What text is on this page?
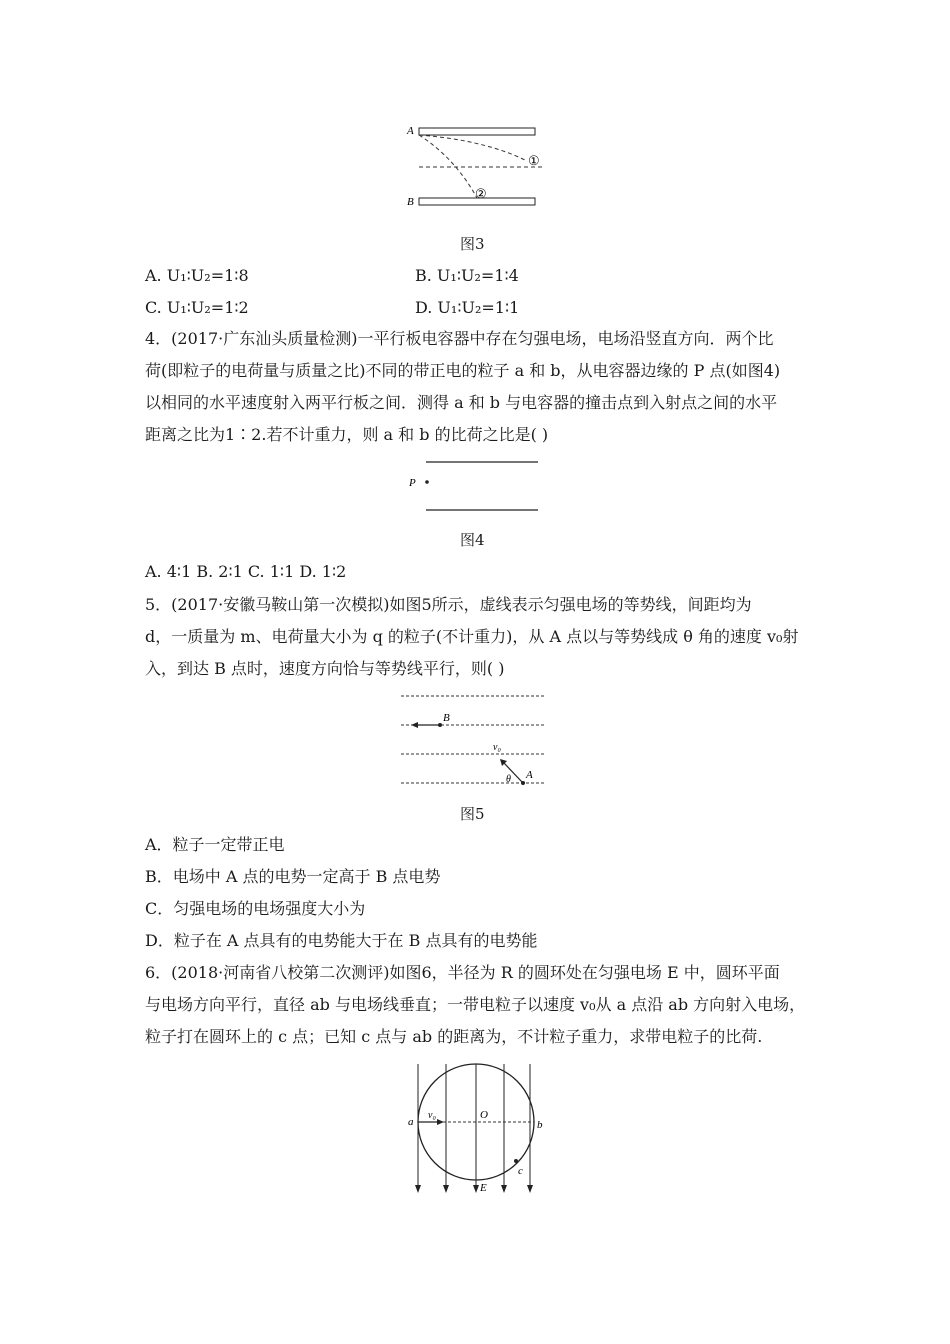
A
B
①
②
图3
A. U₁∶U₂=1∶8	B. U₁∶U₂=1∶4
C. U₁∶U₂=1∶2	D. U₁∶U₂=1∶1
4．(2017·广东汕头质量检测)一平行板电容器中存在匀强电场，电场沿竖直方向．两个比
荷(即粒子的电荷量与质量之比)不同的带正电的粒子 a 和 b，从电容器边缘的 P 点(如图4)
以相同的水平速度射入两平行板之间．测得 a 和 b 与电容器的撞击点到入射点之间的水平
距离之比为1∶2.若不计重力，则 a 和 b 的比荷之比是( )
P
图4
A. 4∶1 B. 2∶1 C. 1∶1 D. 1∶2
5．(2017·安徽马鞍山第一次模拟)如图5所示，虚线表示匀强电场的等势线，间距均为
d，一质量为 m、电荷量大小为 q 的粒子(不计重力)，从 A 点以与等势线成 θ 角的速度 v₀射
入，到达 B 点时，速度方向恰与等势线平行，则( )
B
v₀
θ A
图5
A．粒子一定带正电
B．电场中 A 点的电势一定高于 B 点电势
C．匀强电场的电场强度大小为
D．粒子在 A 点具有的电势能大于在 B 点具有的电势能
6．(2018·河南省八校第二次测评)如图6，半径为 R 的圆环处在匀强电场 E 中，圆环平面
与电场方向平行，直径 ab 与电场线垂直；一带电粒子以速度 v₀从 a 点沿 ab 方向射入电场，
粒子打在圆环上的 c 点；已知 c 点与 ab 的距离为，不计粒子重力，求带电粒子的比荷.
a
v₀	O
b
c
E
